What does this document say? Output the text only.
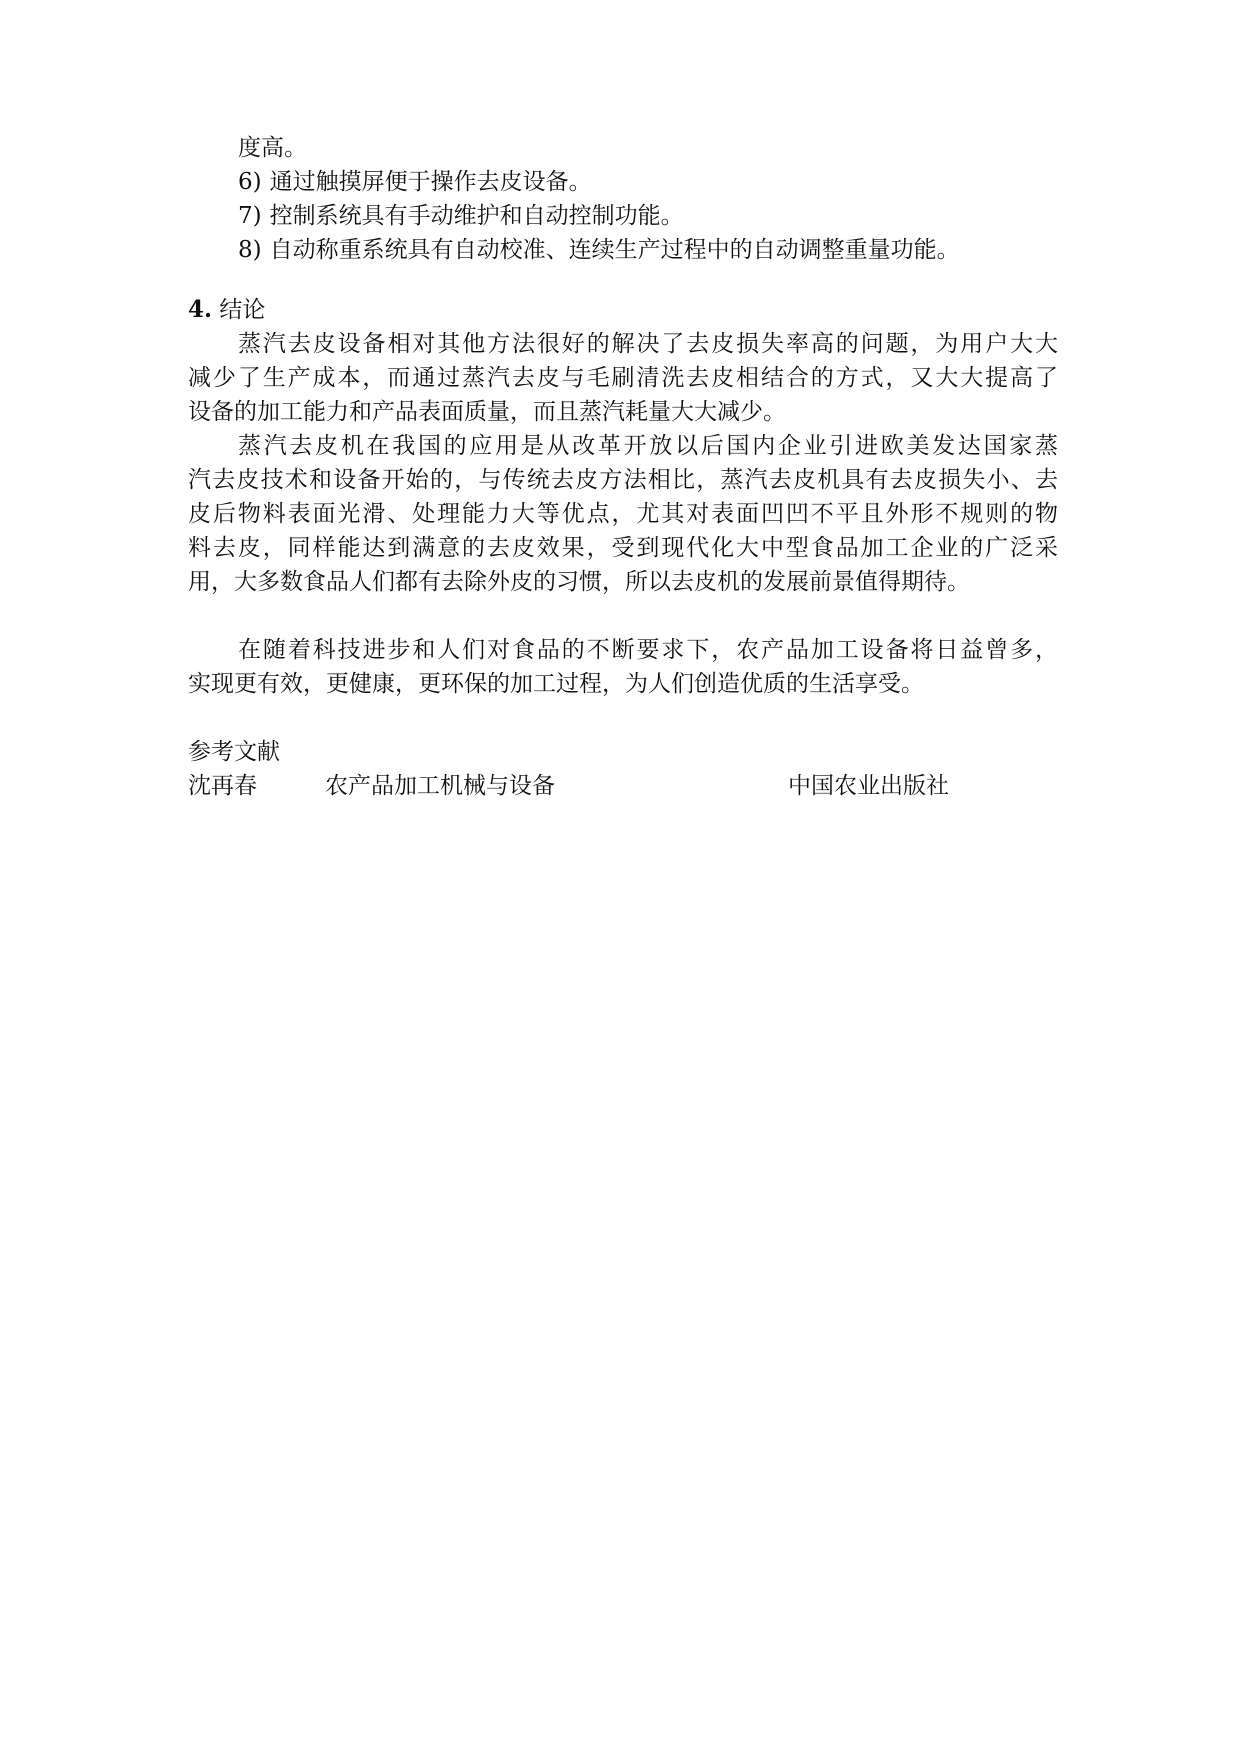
度高。
6) 通过触摸屏便于操作去皮设备。
7) 控制系统具有手动维护和自动控制功能。
8) 自动称重系统具有自动校准、连续生产过程中的自动调整重量功能。
4. 结论
蒸汽去皮设备相对其他方法很好的解决了去皮损失率高的问题，为用户大大
减少了生产成本，而通过蒸汽去皮与毛刷清洗去皮相结合的方式，又大大提高了
设备的加工能力和产品表面质量，而且蒸汽耗量大大减少。
蒸汽去皮机在我国的应用是从改革开放以后国内企业引进欧美发达国家蒸
汽去皮技术和设备开始的，与传统去皮方法相比，蒸汽去皮机具有去皮损失小、去
皮后物料表面光滑、处理能力大等优点，尤其对表面凹凹不平且外形不规则的物
料去皮，同样能达到满意的去皮效果，受到现代化大中型食品加工企业的广泛采
用，大多数食品人们都有去除外皮的习惯，所以去皮机的发展前景值得期待。
在随着科技进步和人们对食品的不断要求下，农产品加工设备将日益曾多，
实现更有效，更健康，更环保的加工过程，为人们创造优质的生活享受。
参考文献
沈再春	农产品加工机械与设备	中国农业出版社
